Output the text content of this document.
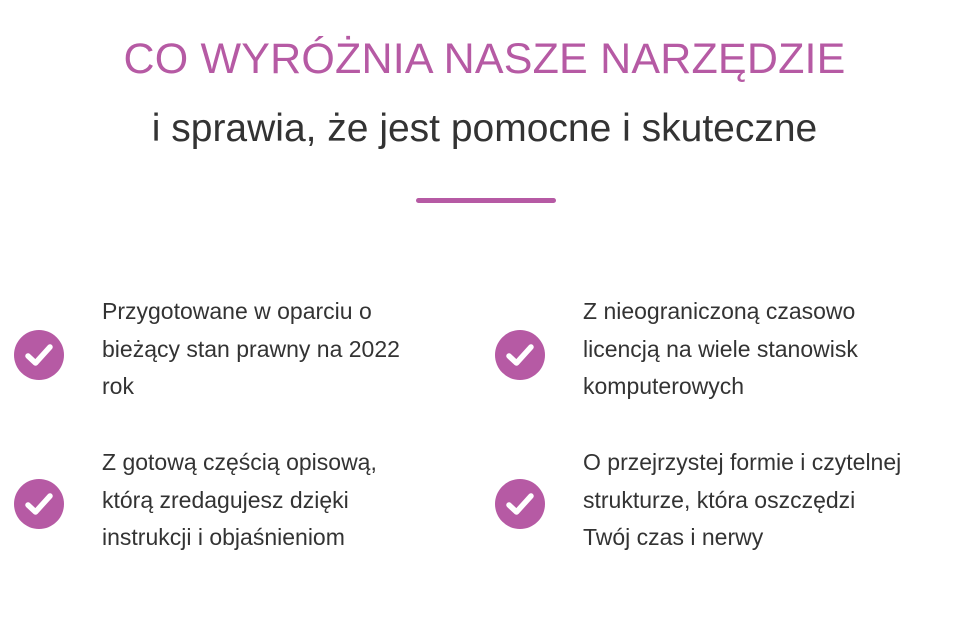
CO WYRÓŻNIA NASZE NARZĘDZIE
i sprawia, że jest pomocne i skuteczne

Przygotowane w oparciu o bieżący stan prawny na 2022 rok

Z nieograniczoną czasowo licencją na wiele stanowisk komputerowych

Z gotową częścią opisową, którą zredagujesz dzięki instrukcji i objaśnieniom

O przejrzystej formie i czytelnej strukturze, która oszczędzi Twój czas i nerwy
